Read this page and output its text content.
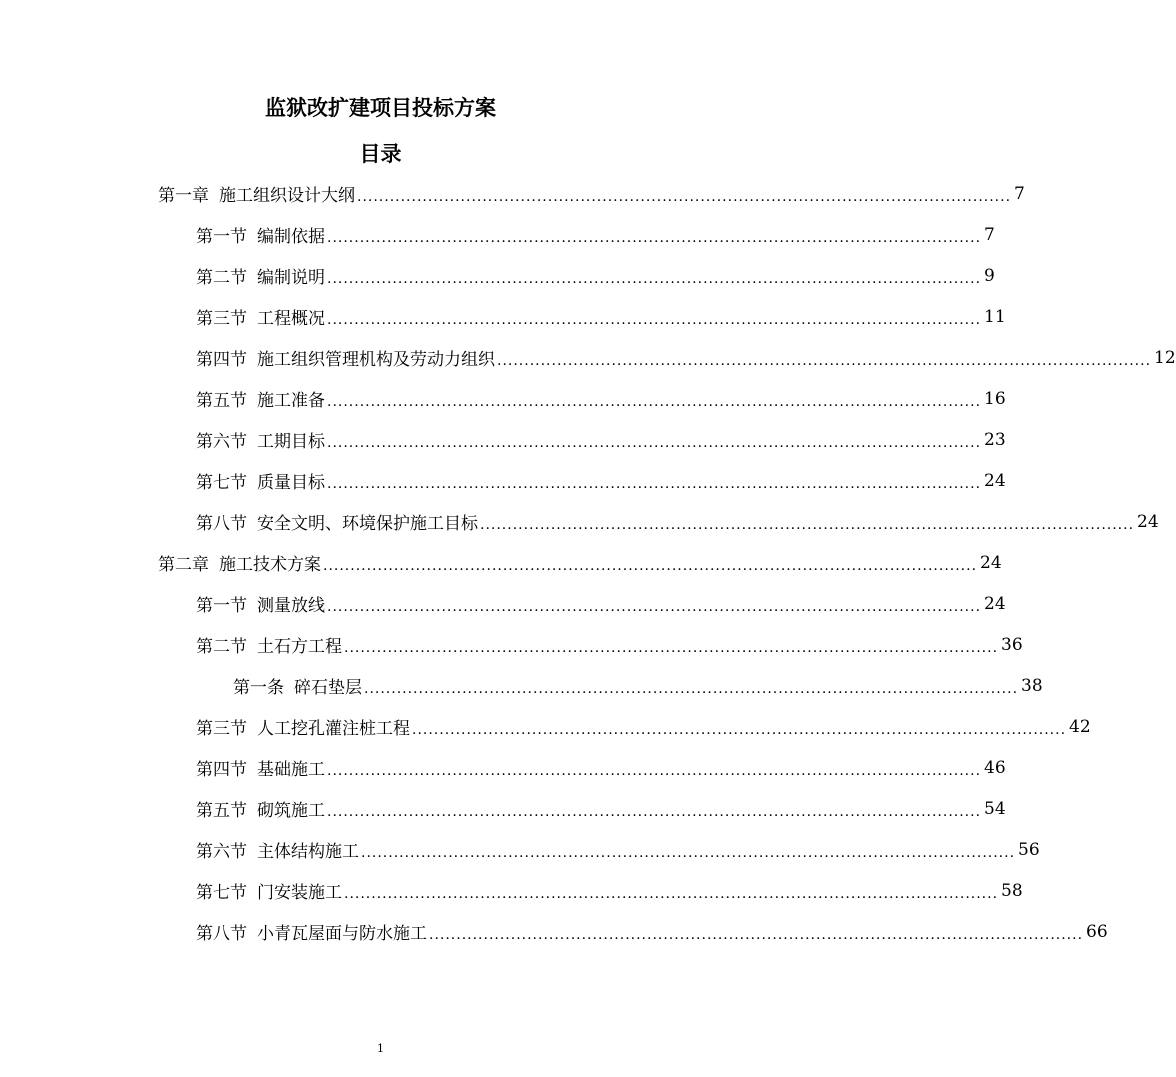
监狱改扩建项目投标方案
目录
第一章 施工组织设计大纲 ........................................................................................................................ 7
第一节 编制依据 ........................................................................................................................ 7
第二节 编制说明 ........................................................................................................................ 9
第三节 工程概况 ........................................................................................................................ 11
第四节 施工组织管理机构及劳动力组织 ........................................................................................................................ 12
第五节 施工准备 ........................................................................................................................ 16
第六节 工期目标 ........................................................................................................................ 23
第七节 质量目标 ........................................................................................................................ 24
第八节 安全文明、环境保护施工目标 ........................................................................................................................ 24
第二章 施工技术方案 ........................................................................................................................ 24
第一节 测量放线 ........................................................................................................................ 24
第二节 土石方工程 ........................................................................................................................ 36
第一条 碎石垫层 ........................................................................................................................ 38
第三节 人工挖孔灌注桩工程 ........................................................................................................................ 42
第四节 基础施工 ........................................................................................................................ 46
第五节 砌筑施工 ........................................................................................................................ 54
第六节 主体结构施工 ........................................................................................................................ 56
第七节 门安装施工 ........................................................................................................................ 58
第八节 小青瓦屋面与防水施工 ........................................................................................................................ 66
1
